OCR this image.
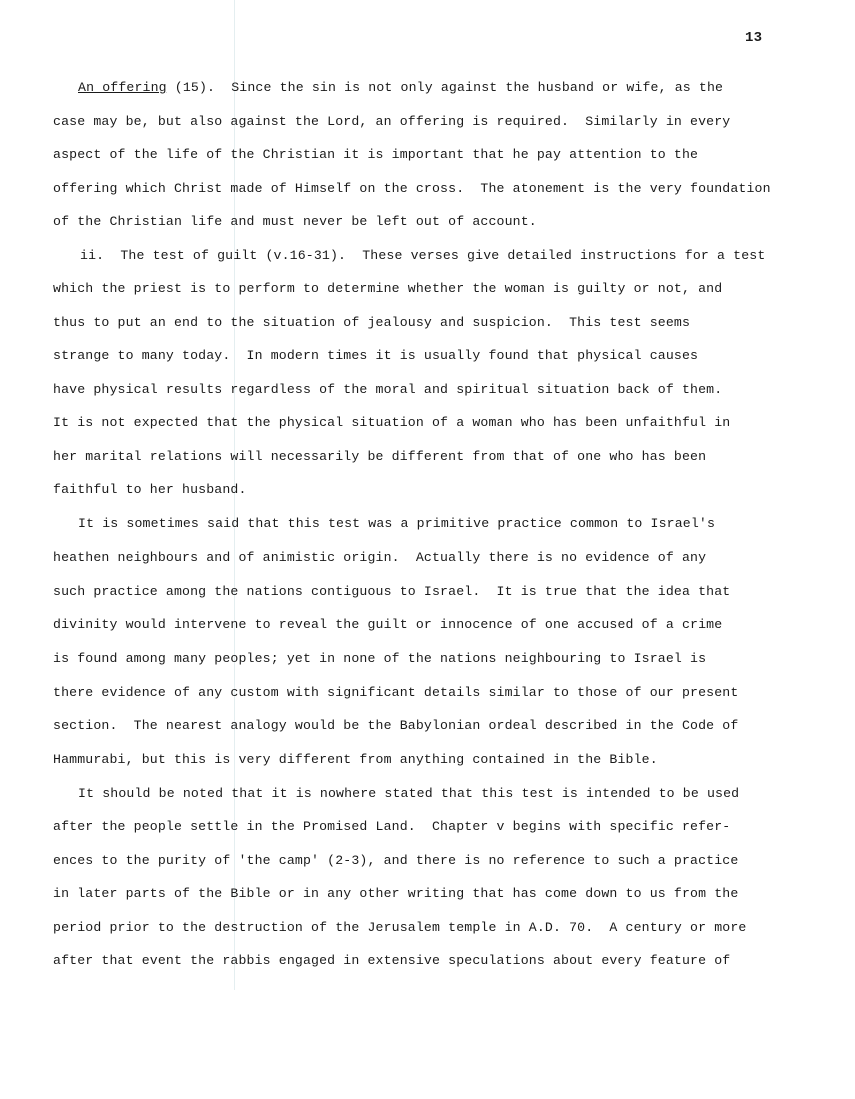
13
An offering (15).  Since the sin is not only against the husband or wife, as the
case may be, but also against the Lord, an offering is required.  Similarly in every
aspect of the life of the Christian it is important that he pay attention to the
offering which Christ made of Himself on the cross.  The atonement is the very foundation
of the Christian life and must never be left out of account.
ii.  The test of guilt (v.16-31).  These verses give detailed instructions for a test
which the priest is to perform to determine whether the woman is guilty or not, and
thus to put an end to the situation of jealousy and suspicion.  This test seems
strange to many today.  In modern times it is usually found that physical causes
have physical results regardless of the moral and spiritual situation back of them.
It is not expected that the physical situation of a woman who has been unfaithful in
her marital relations will necessarily be different from that of one who has been
faithful to her husband.
It is sometimes said that this test was a primitive practice common to Israel's
heathen neighbours and of animistic origin.  Actually there is no evidence of any
such practice among the nations contiguous to Israel.  It is true that the idea that
divinity would intervene to reveal the guilt or innocence of one accused of a crime
is found among many peoples; yet in none of the nations neighbouring to Israel is
there evidence of any custom with significant details similar to those of our present
section.  The nearest analogy would be the Babylonian ordeal described in the Code of
Hammurabi, but this is very different from anything contained in the Bible.
It should be noted that it is nowhere stated that this test is intended to be used
after the people settle in the Promised Land.  Chapter v begins with specific refer-
ences to the purity of 'the camp' (2-3), and there is no reference to such a practice
in later parts of the Bible or in any other writing that has come down to us from the
period prior to the destruction of the Jerusalem temple in A.D. 70.  A century or more
after that event the rabbis engaged in extensive speculations about every feature of
